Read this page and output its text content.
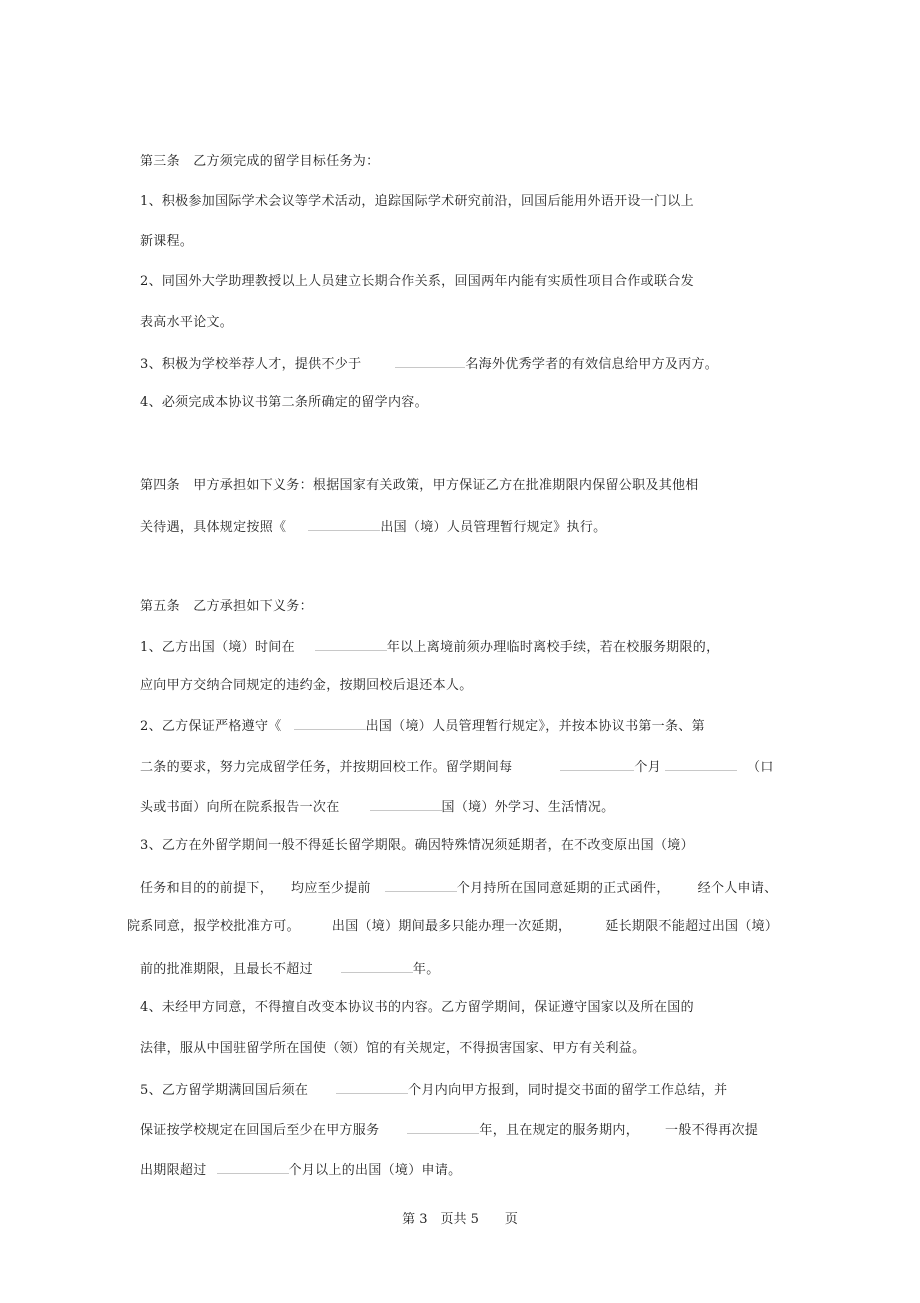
第三条　乙方须完成的留学目标任务为：
1、积极参加国际学术会议等学术活动，追踪国际学术研究前沿，回国后能用外语开设一门以上
新课程。
2、同国外大学助理教授以上人员建立长期合作关系，回国两年内能有实质性项目合作或联合发
表高水平论文。
3、积极为学校举荐人才，提供不少于	名海外优秀学者的有效信息给甲方及丙方。
4、必须完成本协议书第二条所确定的留学内容。
第四条　甲方承担如下义务：根据国家有关政策，甲方保证乙方在批准期限内保留公职及其他相
关待遇，具体规定按照《	出国（境）人员管理暂行规定》执行。
第五条　乙方承担如下义务：
1、乙方出国（境）时间在	年以上离境前须办理临时离校手续，若在校服务期限的，
应向甲方交纳合同规定的违约金，按期回校后退还本人。
2、乙方保证严格遵守《	出国（境）人员管理暂行规定》，并按本协议书第一条、第
二条的要求，努力完成留学任务，并按期回校工作。留学期间每	个月	（口
头或书面）向所在院系报告一次在	国（境）外学习、生活情况。
3、乙方在外留学期间一般不得延长留学期限。确因特殊情况须延期者，在不改变原出国（境）
任务和目的的前提下， 均应至少提前	个月持所在国同意延期的正式函件， 经个人申请、
院系同意，报学校批准方可。 出国（境）期间最多只能办理一次延期，	延长期限不能超过出国（境）
前的批准期限，且最长不超过	年。
4、未经甲方同意，不得擅自改变本协议书的内容。乙方留学期间，保证遵守国家以及所在国的
法律，服从中国驻留学所在国使（领）馆的有关规定，不得损害国家、甲方有关利益。
5、乙方留学期满回国后须在	个月内向甲方报到，同时提交书面的留学工作总结，并
保证按学校规定在回国后至少在甲方服务	年，且在规定的服务期内， 一般不得再次提
出期限超过	个月以上的出国（境）申请。
第 3　页共 5　　页
